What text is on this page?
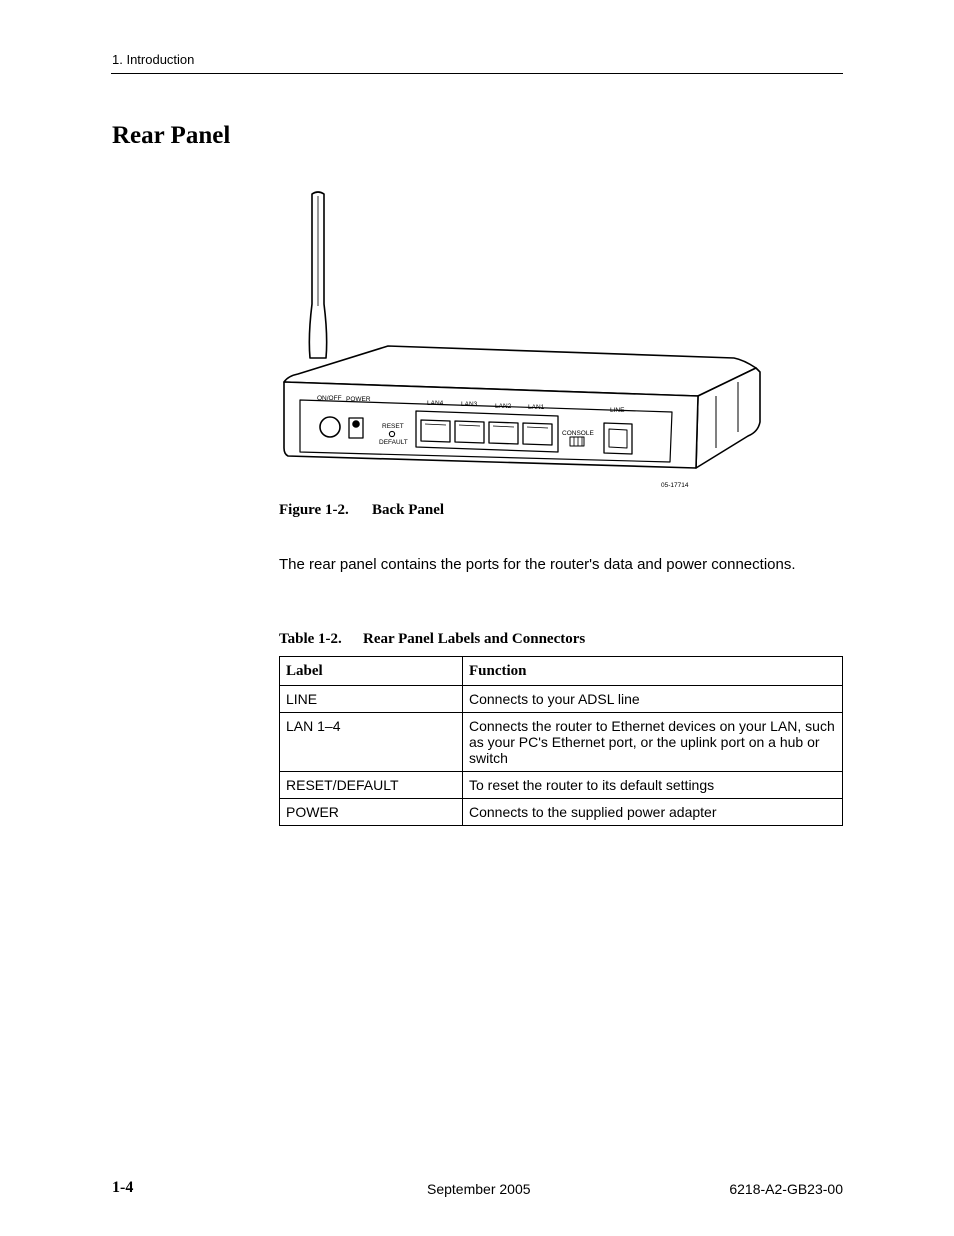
1. Introduction
Rear Panel
ON/OFF POWER
RESET
DEFAULT
LAN4	LAN3	LAN2	LAN1
CONSOLE
LINE
05-17714
Figure 1-2. Back Panel

The rear panel contains the ports for the router's data and power connections.

Table 1-2. Rear Panel Labels and Connectors
Label	Function
LINE	Connects to your ADSL line
LAN 1–4	Connects the router to Ethernet devices on your LAN, such as your PC's Ethernet port, or the uplink port on a hub or switch
RESET/DEFAULT	To reset the router to its default settings
POWER	Connects to the supplied power adapter
1-4	September 2005	6218-A2-GB23-00
